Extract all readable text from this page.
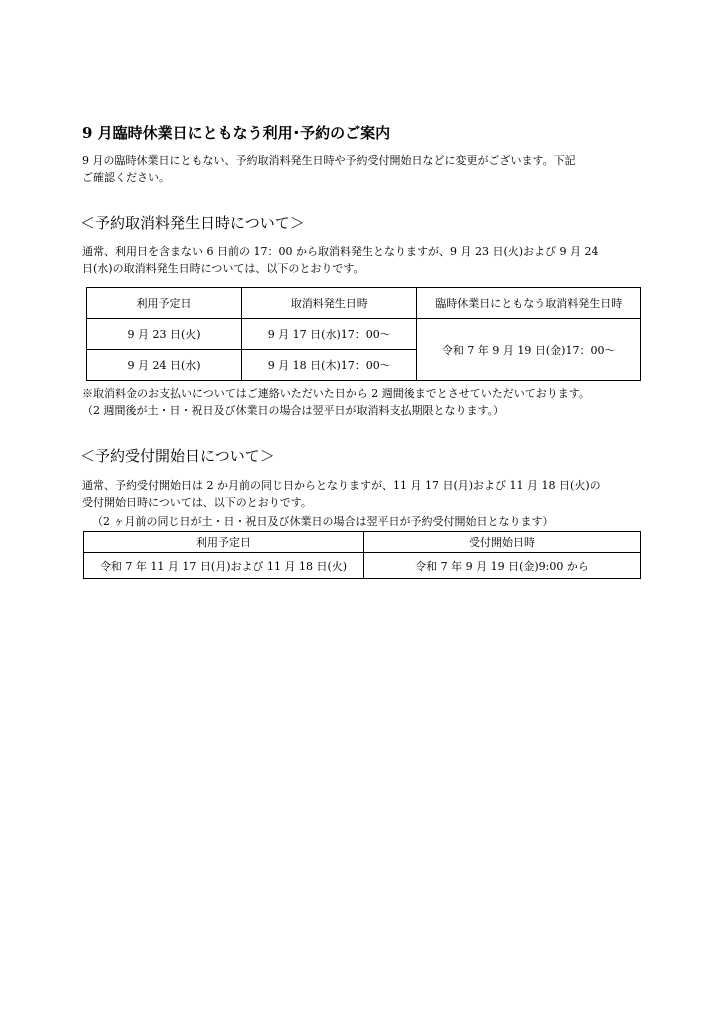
9 月臨時休業日にともなう利用･予約のご案内
9 月の臨時休業日にともない、予約取消料発生日時や予約受付開始日などに変更がございます。下記
ご確認ください。
＜予約取消料発生日時について＞
通常、利用日を含まない 6 日前の 17：00 から取消料発生となりますが、9 月 23 日(火)および 9 月 24
日(水)の取消料発生日時については、以下のとおりです。
利用予定日	取消料発生日時	臨時休業日にともなう取消料発生日時
9 月 23 日(火)	9 月 17 日(水)17：00～	令和 7 年 9 月 19 日(金)17：00～
9 月 24 日(水)	9 月 18 日(木)17：00～	
※取消料金のお支払いについてはご連絡いただいた日から 2 週間後までとさせていただいております。
（2 週間後が土・日・祝日及び休業日の場合は翌平日が取消料支払期限となります。）
＜予約受付開始日について＞
通常、予約受付開始日は 2 か月前の同じ日からとなりますが、11 月 17 日(月)および 11 月 18 日(火)の
受付開始日時については、以下のとおりです。
（2 ヶ月前の同じ日が土・日・祝日及び休業日の場合は翌平日が予約受付開始日となります）
利用予定日	受付開始日時
令和 7 年 11 月 17 日(月)および 11 月 18 日(火)	令和 7 年 9 月 19 日(金)9:00 から
